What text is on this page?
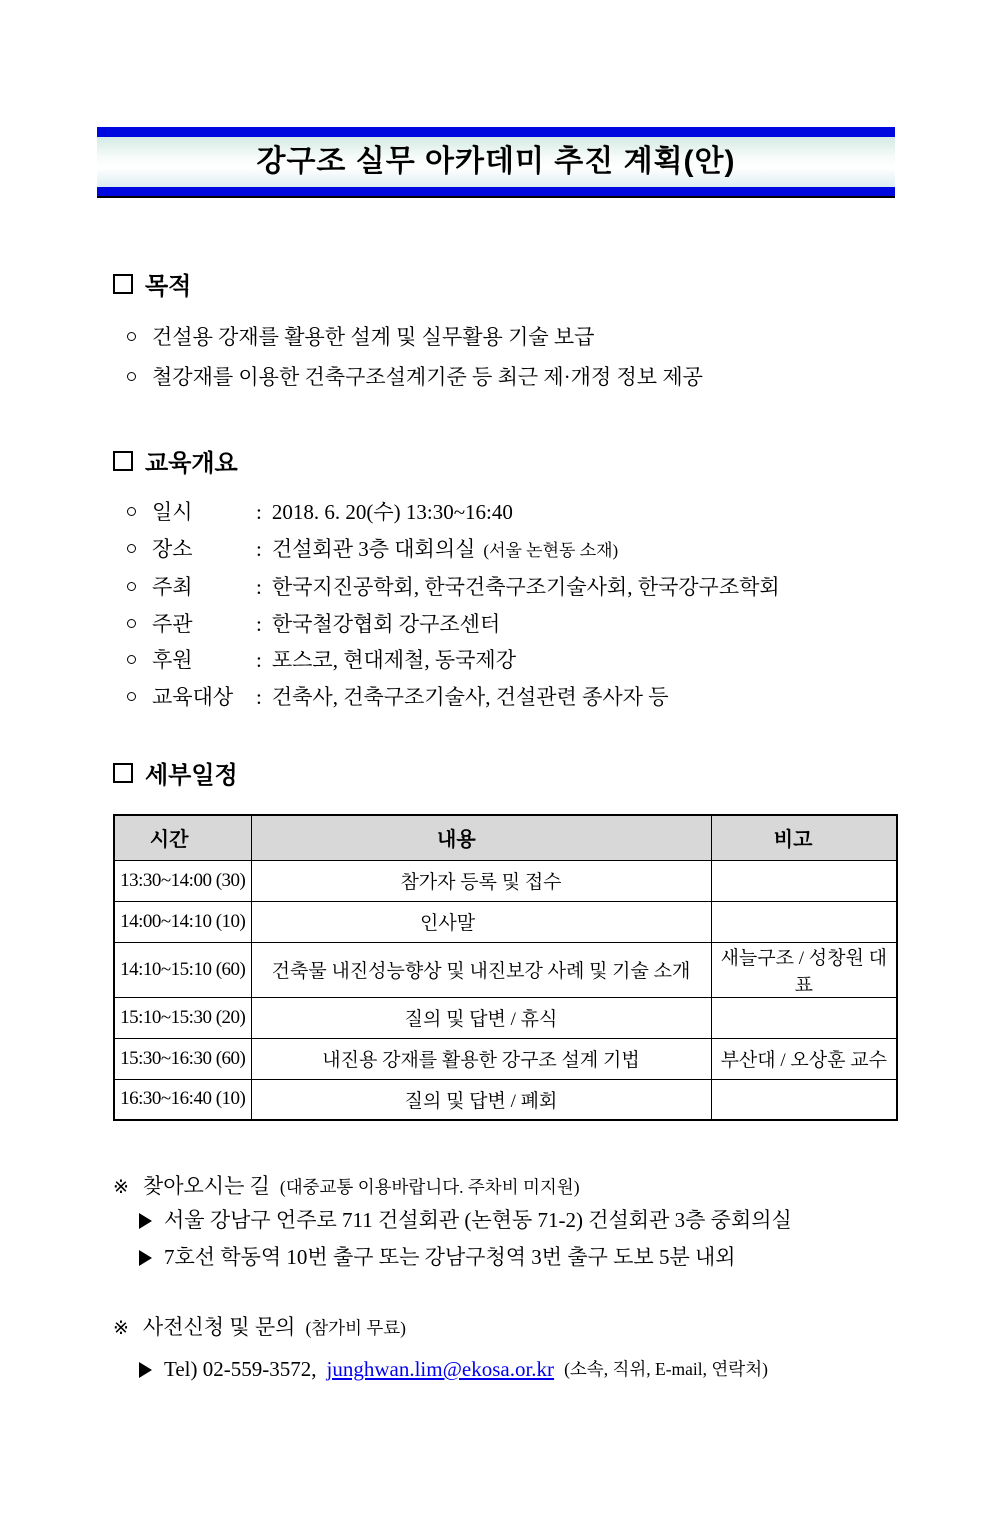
강구조 실무 아카데미 추진 계획(안)
목적
건설용 강재를 활용한 설계 및 실무활용 기술 보급
철강재를 이용한 건축구조설계기준 등 최근 제·개정 정보 제공
교육개요
일시	: 2018. 6. 20(수) 13:30~16:40
장소	: 건설회관 3층 대회의실 (서울 논현동 소재)
주최	: 한국지진공학회, 한국건축구조기술사회, 한국강구조학회
주관	: 한국철강협회 강구조센터
후원	: 포스코, 현대제철, 동국제강
교육대상	: 건축사, 건축구조기술사, 건설관련 종사자 등
세부일정
시간	내용	비고
13:30~14:00 (30)	참가자 등록 및 접수	
14:00~14:10 (10)	인사말	
14:10~15:10 (60)	건축물 내진성능향상 및 내진보강 사례 및 기술 소개	새늘구조 / 성창원 대표
15:10~15:30 (20)	질의 및 답변 / 휴식	
15:30~16:30 (60)	내진용 강재를 활용한 강구조 설계 기법	부산대 / 오상훈 교수
16:30~16:40 (10)	질의 및 답변 / 폐회	
※ 찾아오시는 길 (대중교통 이용바랍니다. 주차비 미지원)
서울 강남구 언주로 711 건설회관 (논현동 71-2) 건설회관 3층 중회의실
7호선 학동역 10번 출구 또는 강남구청역 3번 출구 도보 5분 내외
※ 사전신청 및 문의 (참가비 무료)
Tel) 02-559-3572, junghwan.lim@ekosa.or.kr (소속, 직위, E-mail, 연락처)
